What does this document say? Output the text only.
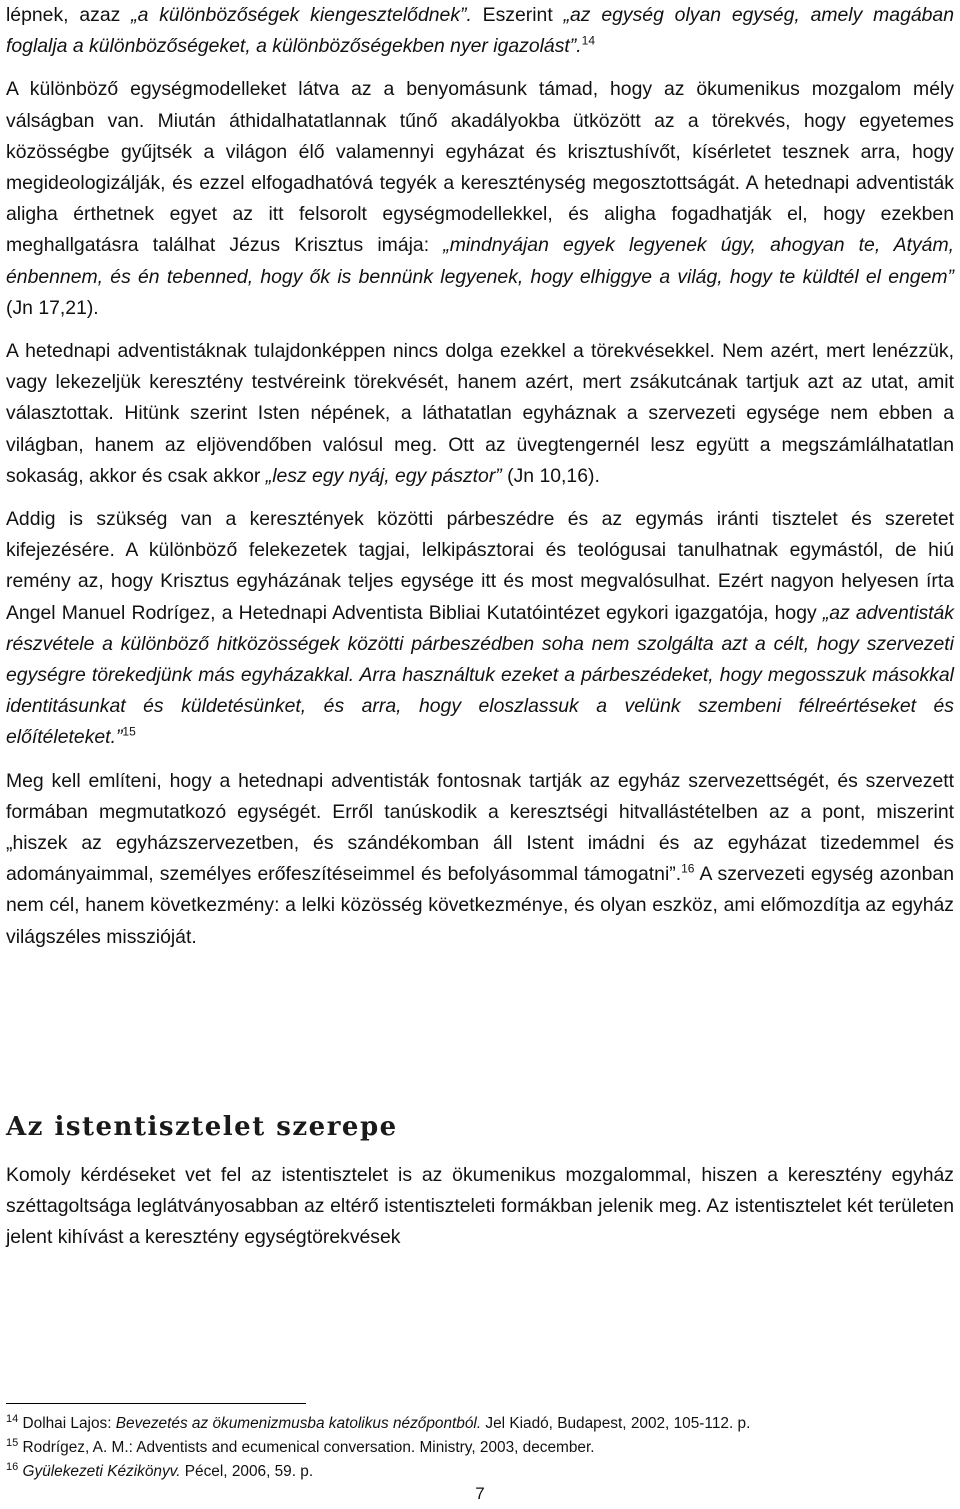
lépnek, azaz „a különbözőségek kiengesztelődnek”. Eszerint „az egység olyan egység, amely magában foglalja a különbözőségeket, a különbözőségekben nyer igazolást”.$^{14}$

A különböző egységmodelleket látva az a benyomásunk támad, hogy az ökumenikus mozgalom mély válságban van. Miután áthidalhatatlannak tűnő akadályokba ütközött az a törekvés, hogy egyetemes közösségbe gyűjtsék a világon élő valamennyi egyházat és krisztushívőt, kísérletet tesznek arra, hogy megideologizálják, és ezzel elfogadhatóvá tegyék a kereszténység megosztottságát. A hetednapi adventisták aligha érthetnek egyet az itt felsorolt egységmodellekkel, és aligha fogadhatják el, hogy ezekben meghallgatásra találhat Jézus Krisztus imája: „mindnyájan egyek legyenek úgy, ahogyan te, Atyám, énbennem, és én tebenned, hogy ők is bennünk legyenek, hogy elhiggye a világ, hogy te küldtél el engem” (Jn 17,21).

A hetednapi adventistáknak tulajdonképpen nincs dolga ezekkel a törekvésekkel. Nem azért, mert lenézzük, vagy lekezeljük keresztény testvéreink törekvését, hanem azért, mert zsákutcának tartjuk azt az utat, amit választottak. Hitünk szerint Isten népének, a láthatatlan egyháznak a szervezeti egysége nem ebben a világban, hanem az eljövendőben valósul meg. Ott az üvegtengernél lesz együtt a megszámlálhatatlan sokaság, akkor és csak akkor „lesz egy nyáj, egy pásztor” (Jn 10,16).

Addig is szükség van a keresztények közötti párbeszédre és az egymás iránti tisztelet és szeretet kifejezésére. A különböző felekezetek tagjai, lelkipásztorai és teológusai tanulhatnak egymástól, de hiú remény az, hogy Krisztus egyházának teljes egysége itt és most megvalósulhat. Ezért nagyon helyesen írta Angel Manuel Rodrígez, a Hetednapi Adventista Bibliai Kutatóintézet egykori igazgatója, hogy „az adventisták részvétele a különböző hitközösségek közötti párbeszédben soha nem szolgálta azt a célt, hogy szervezeti egységre törekedjünk más egyházakkal. Arra használtuk ezeket a párbeszédeket, hogy megosszuk másokkal identitásunkat és küldetésünket, és arra, hogy eloszlassuk a velünk szembeni félreértéseket és előítéleteket.”$^{15}$

Meg kell említeni, hogy a hetednapi adventisták fontosnak tartják az egyház szervezettségét, és szervezett formában megmutatkozó egységét. Erről tanúskodik a keresztségi hitvallástételben az a pont, miszerint „hiszek az egyházszervezetben, és szándékomban áll Istent imádni és az egyházat tizedemmel és adományaimmal, személyes erőfeszítéseimmel és befolyásommal támogatni”.$^{16}$ A szervezeti egység azonban nem cél, hanem következmény: a lelki közösség következménye, és olyan eszköz, ami előmozdítja az egyház világszéles misszióját.

Az istentisztelet szerepe

Komoly kérdéseket vet fel az istentisztelet is az ökumenikus mozgalommal, hiszen a keresztény egyház széttagoltsága leglátványosabban az eltérő istentiszteleti formákban jelenik meg. Az istentisztelet két területen jelent kihívást a keresztény egységtörekvések

$^{14}$ Dolhai Lajos: Bevezetés az ökumenizmusba katolikus nézőpontból. Jel Kiadó, Budapest, 2002, 105-112. p.
$^{15}$ Rodrígez, A. M.: Adventists and ecumenical conversation. Ministry, 2003, december.
$^{16}$ Gyülekezeti Kézikönyv. Pécel, 2006, 59. p.
7
